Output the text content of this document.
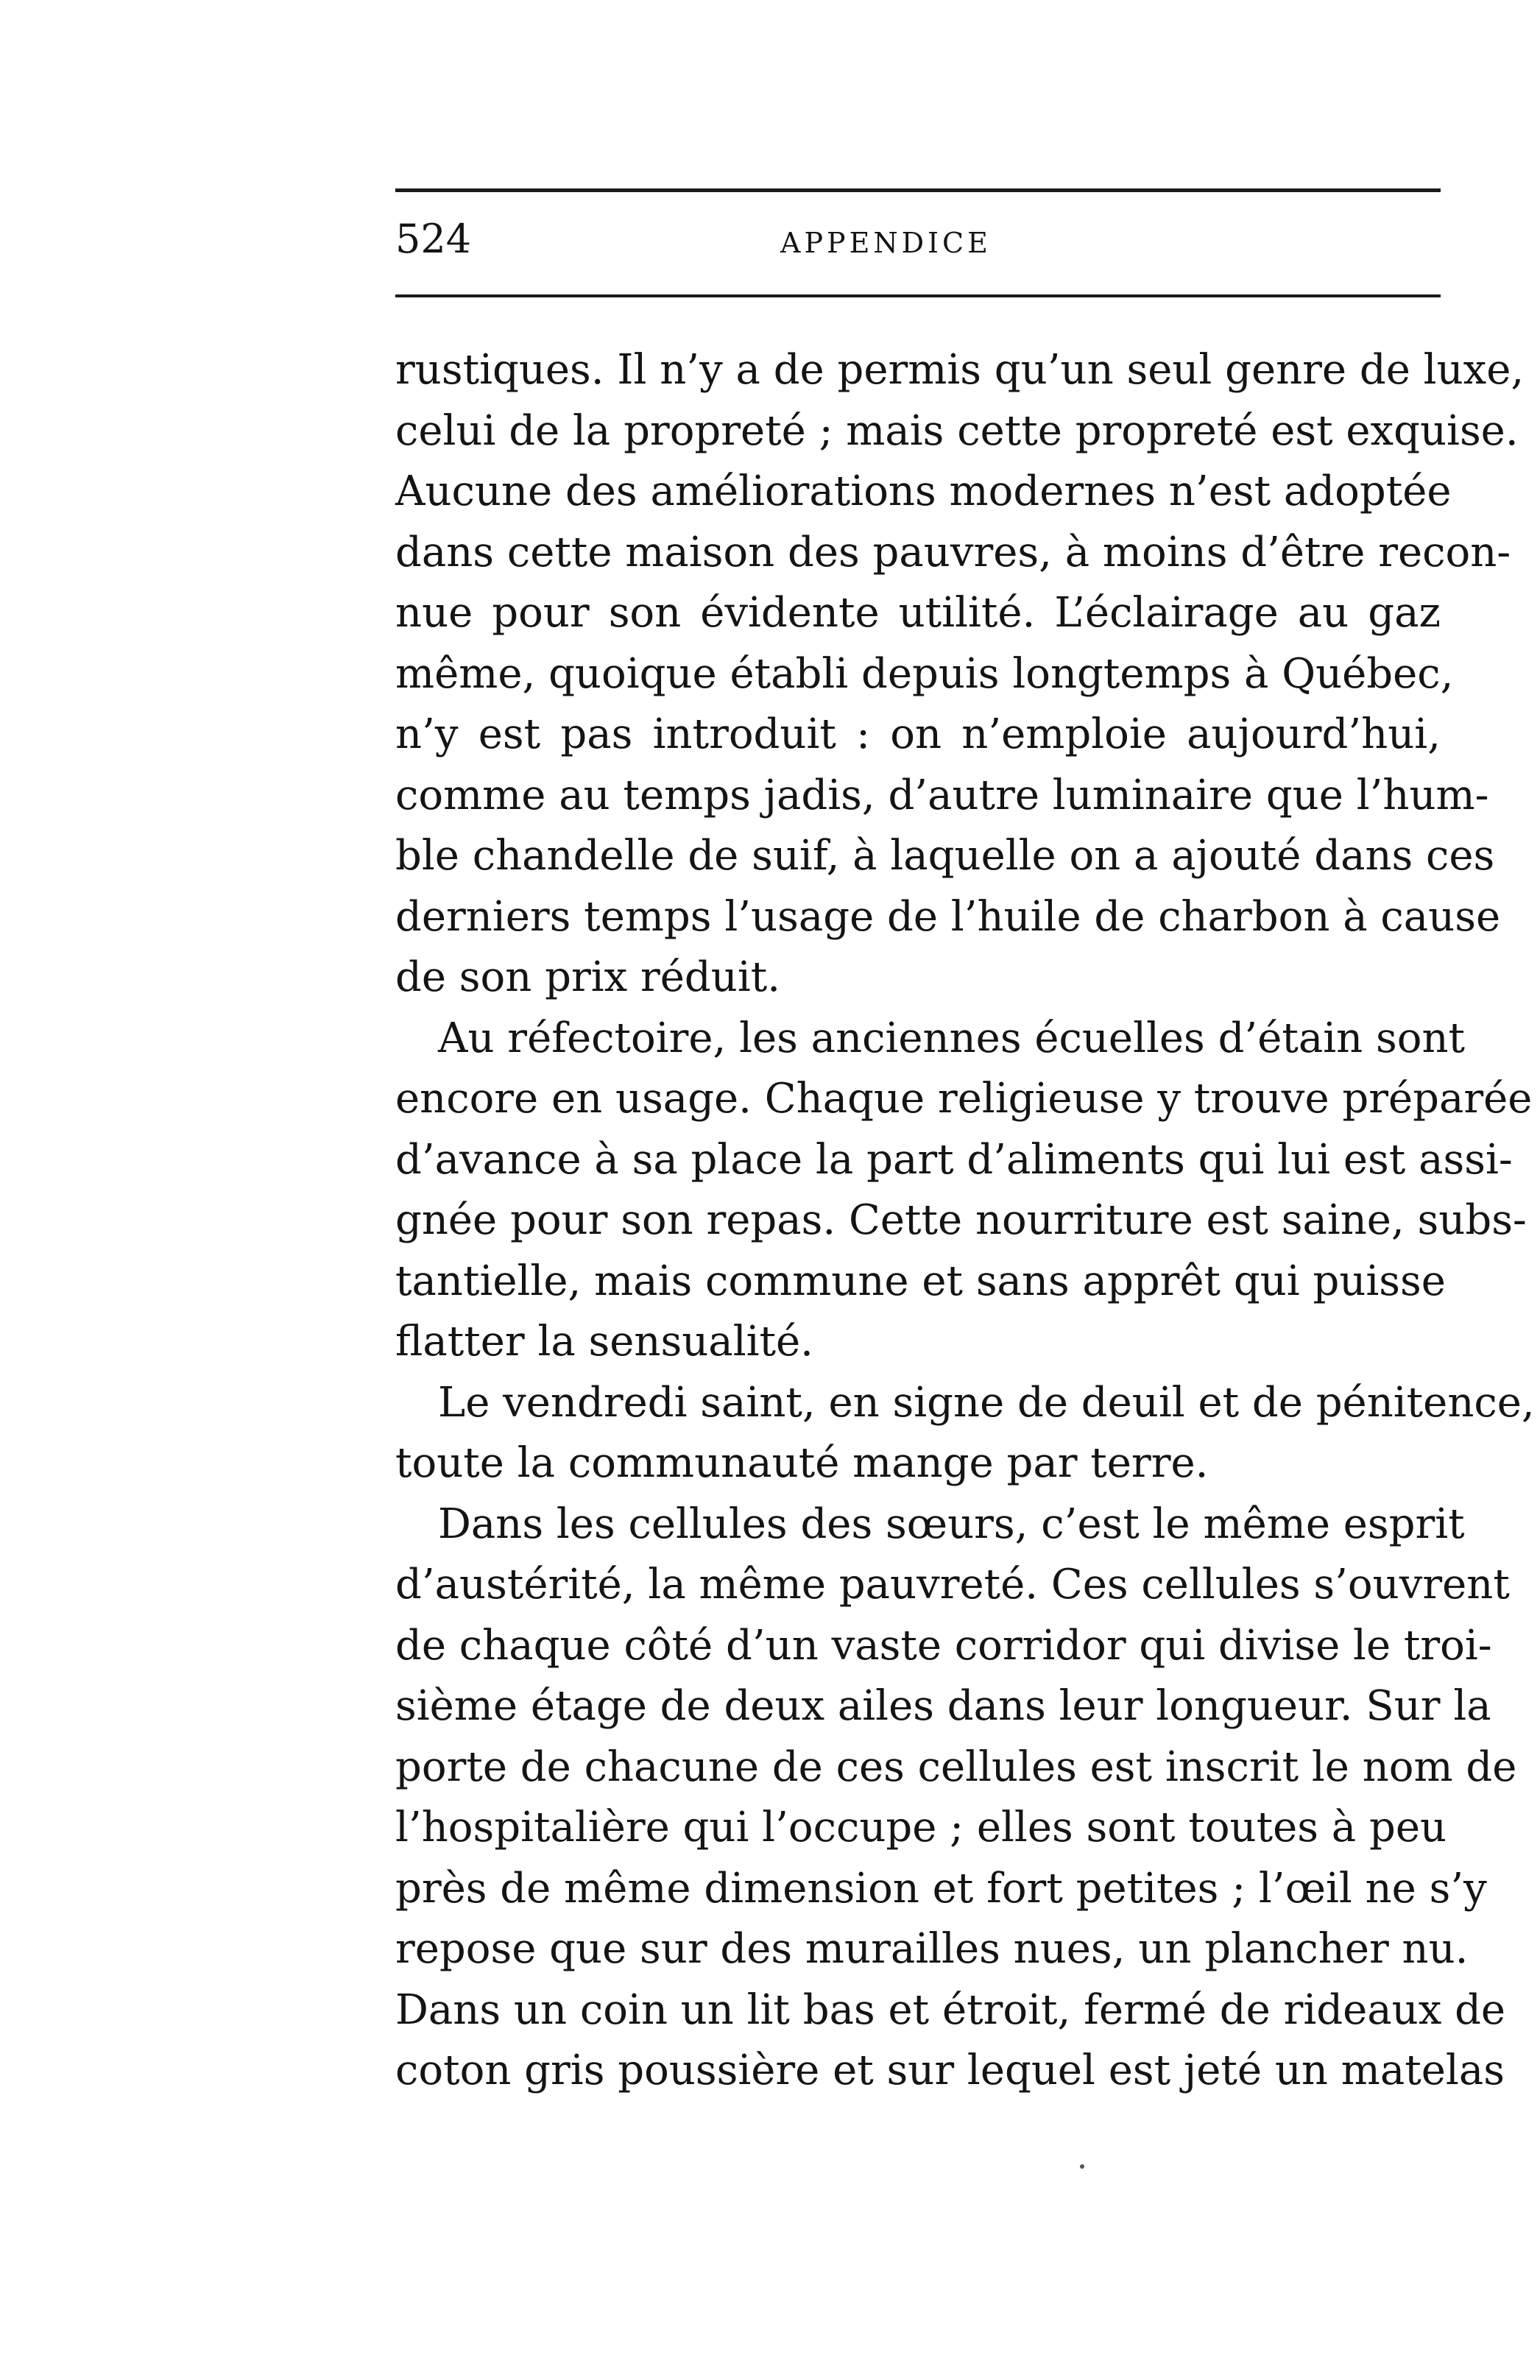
524	APPENDICE
rustiques. Il n’y a de permis qu’un seul genre de luxe,
celui de la propreté ; mais cette propreté est exquise.
Aucune des améliorations modernes n’est adoptée
dans cette maison des pauvres, à moins d’être recon-
nue pour son évidente utilité. L’éclairage au gaz
même, quoique établi depuis longtemps à Québec,
n’y est pas introduit : on n’emploie aujourd’hui,
comme au temps jadis, d’autre luminaire que l’hum-
ble chandelle de suif, à laquelle on a ajouté dans ces
derniers temps l’usage de l’huile de charbon à cause
de son prix réduit.
Au réfectoire, les anciennes écuelles d’étain sont
encore en usage. Chaque religieuse y trouve préparée
d’avance à sa place la part d’aliments qui lui est assi-
gnée pour son repas. Cette nourriture est saine, subs-
tantielle, mais commune et sans apprêt qui puisse
flatter la sensualité.
Le vendredi saint, en signe de deuil et de pénitence,
toute la communauté mange par terre.
Dans les cellules des sœurs, c’est le même esprit
d’austérité, la même pauvreté. Ces cellules s’ouvrent
de chaque côté d’un vaste corridor qui divise le troi-
sième étage de deux ailes dans leur longueur. Sur la
porte de chacune de ces cellules est inscrit le nom de
l’hospitalière qui l’occupe ; elles sont toutes à peu
près de même dimension et fort petites ; l’œil ne s’y
repose que sur des murailles nues, un plancher nu.
Dans un coin un lit bas et étroit, fermé de rideaux de
coton gris poussière et sur lequel est jeté un matelas
